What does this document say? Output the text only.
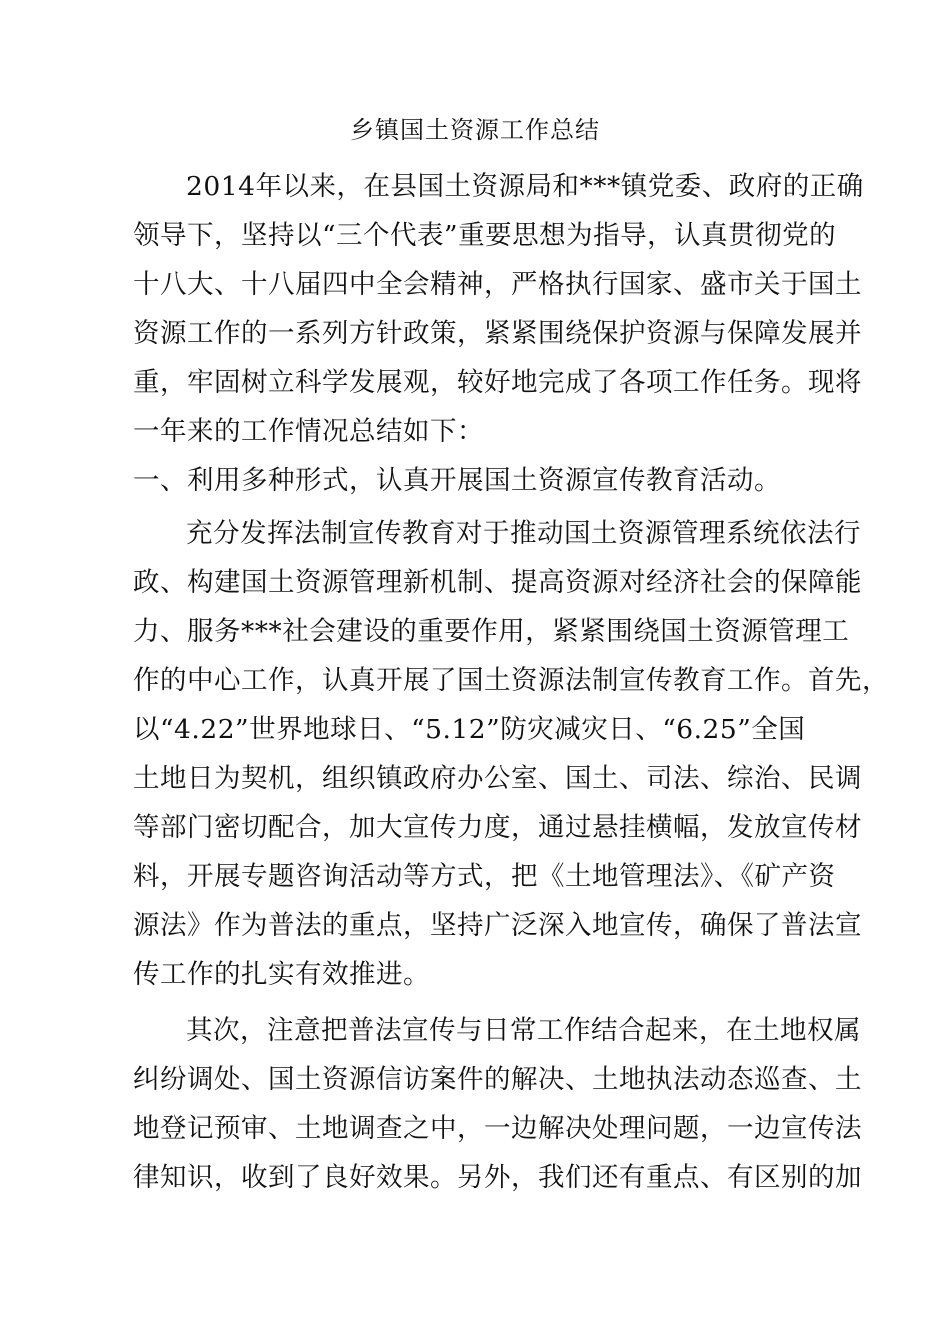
乡镇国土资源工作总结
2014年以来，在县国土资源局和***镇党委、政府的正确
领导下，坚持以“三个代表”重要思想为指导，认真贯彻党的
十八大、十八届四中全会精神，严格执行国家、盛市关于国土
资源工作的一系列方针政策，紧紧围绕保护资源与保障发展并
重，牢固树立科学发展观，较好地完成了各项工作任务。现将
一年来的工作情况总结如下：
一、利用多种形式，认真开展国土资源宣传教育活动。
充分发挥法制宣传教育对于推动国土资源管理系统依法行
政、构建国土资源管理新机制、提高资源对经济社会的保障能
力、服务***社会建设的重要作用，紧紧围绕国土资源管理工
作的中心工作，认真开展了国土资源法制宣传教育工作。首先，
以“4.22”世界地球日、“5.12”防灾减灾日、“6.25”全国
土地日为契机，组织镇政府办公室、国土、司法、综治、民调
等部门密切配合，加大宣传力度，通过悬挂横幅，发放宣传材
料，开展专题咨询活动等方式，把《土地管理法》、《矿产资
源法》作为普法的重点，坚持广泛深入地宣传，确保了普法宣
传工作的扎实有效推进。
其次，注意把普法宣传与日常工作结合起来，在土地权属
纠纷调处、国土资源信访案件的解决、土地执法动态巡查、土
地登记预审、土地调查之中，一边解决处理问题，一边宣传法
律知识，收到了良好效果。另外，我们还有重点、有区别的加
